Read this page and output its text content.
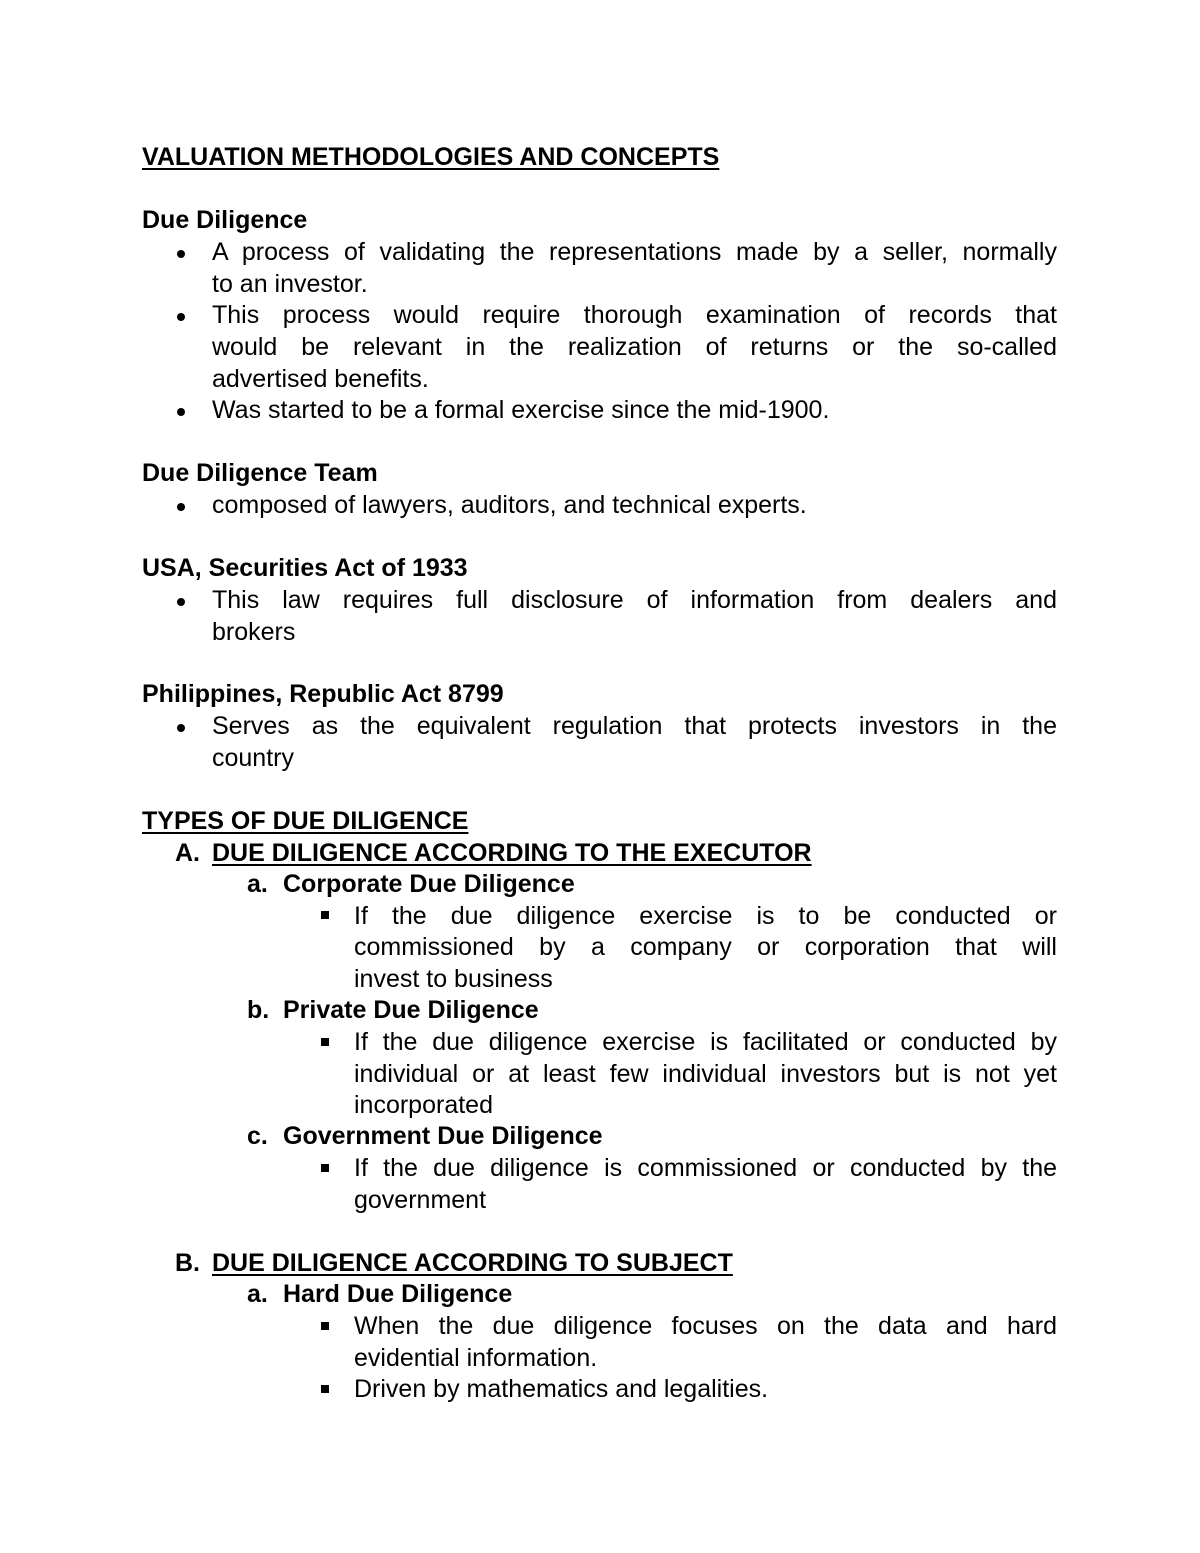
VALUATION METHODOLOGIES AND CONCEPTS
Due Diligence
A process of validating the representations made by a seller, normally
to an investor.
This process would require thorough examination of records that
would be relevant in the realization of returns or the so-called
advertised benefits.
Was started to be a formal exercise since the mid-1900.
Due Diligence Team
composed of lawyers, auditors, and technical experts.
USA, Securities Act of 1933
This law requires full disclosure of information from dealers and
brokers
Philippines, Republic Act 8799
Serves as the equivalent regulation that protects investors in the
country
TYPES OF DUE DILIGENCE
A. DUE DILIGENCE ACCORDING TO THE EXECUTOR
a. Corporate Due Diligence
If the due diligence exercise is to be conducted or
commissioned by a company or corporation that will
invest to business
b. Private Due Diligence
If the due diligence exercise is facilitated or conducted by
individual or at least few individual investors but is not yet
incorporated
c. Government Due Diligence
If the due diligence is commissioned or conducted by the
government
B. DUE DILIGENCE ACCORDING TO SUBJECT
a. Hard Due Diligence
When the due diligence focuses on the data and hard
evidential information.
Driven by mathematics and legalities.
